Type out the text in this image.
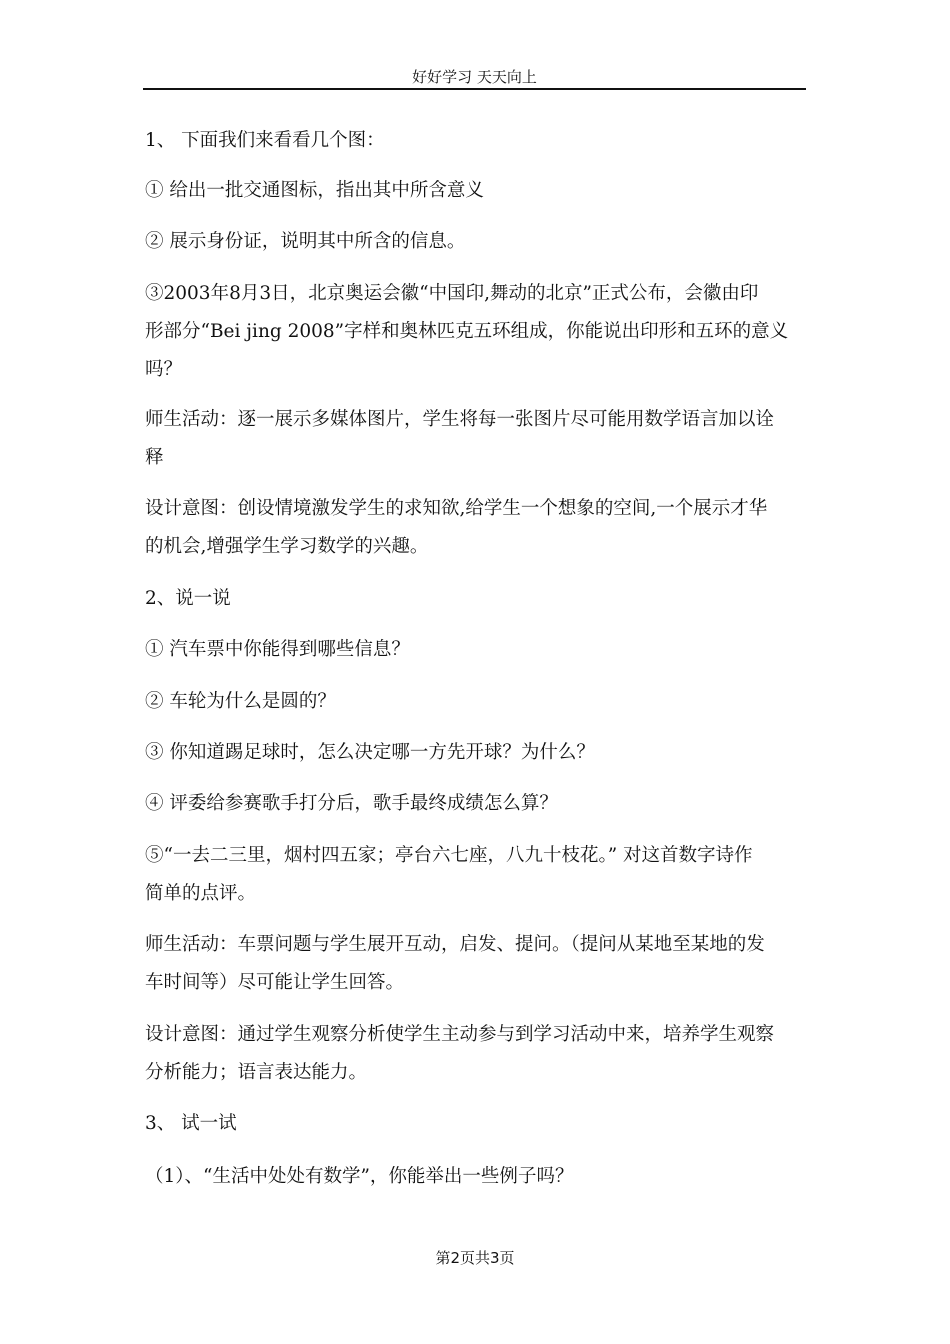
好好学习 天天向上

1、 下面我们来看看几个图：

① 给出一批交通图标，指出其中所含意义

② 展示身份证，说明其中所含的信息。

③2003年8月3日，北京奥运会徽“中国印,舞动的北京”正式公布，会徽由印
形部分“Bei jing 2008”字样和奥林匹克五环组成，你能说出印形和五环的意义
吗？

师生活动：逐一展示多媒体图片，学生将每一张图片尽可能用数学语言加以诠
释

设计意图：创设情境激发学生的求知欲,给学生一个想象的空间,一个展示才华
的机会,增强学生学习数学的兴趣。

2、说一说

① 汽车票中你能得到哪些信息？

② 车轮为什么是圆的？

③ 你知道踢足球时，怎么决定哪一方先开球？为什么？

④ 评委给参赛歌手打分后，歌手最终成绩怎么算？

⑤“一去二三里，烟村四五家；亭台六七座，八九十枝花。” 对这首数字诗作
简单的点评。

师生活动：车票问题与学生展开互动，启发、提问。（提问从某地至某地的发
车时间等）尽可能让学生回答。

设计意图：通过学生观察分析使学生主动参与到学习活动中来，培养学生观察
分析能力；语言表达能力。

3、 试一试

（1）、“生活中处处有数学”，你能举出一些例子吗？

第2页共3页
